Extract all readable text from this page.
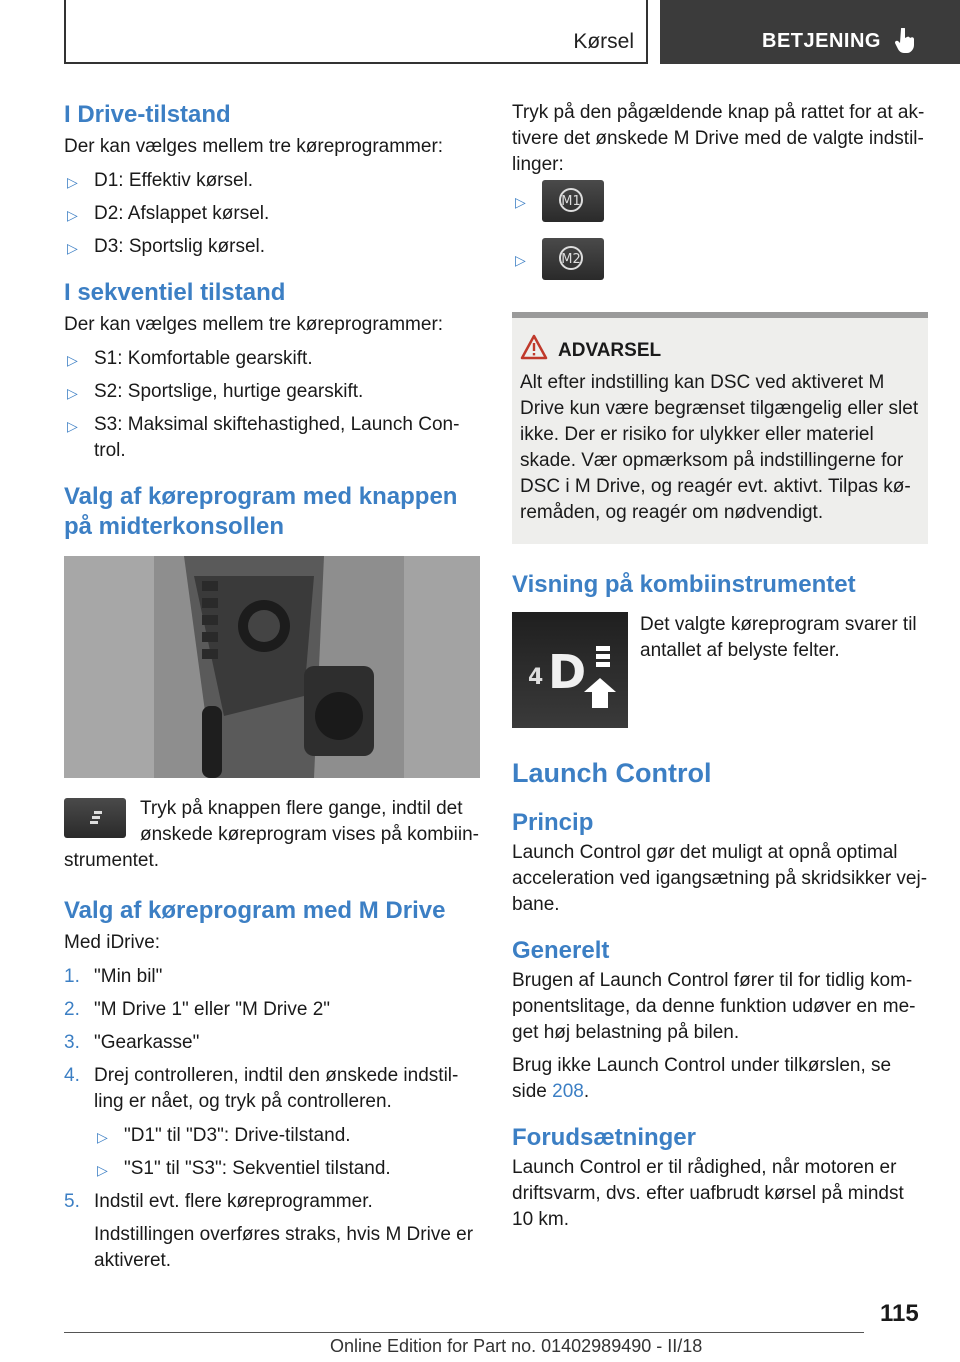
Kørsel	BETJENING
I Drive-tilstand

Der kan vælges mellem tre køreprogrammer:

▷ D1: Effektiv kørsel.
▷ D2: Afslappet kørsel.
▷ D3: Sportslig kørsel.
I sekventiel tilstand

Der kan vælges mellem tre køreprogrammer:

▷ S1: Komfortable gearskift.
▷ S2: Sportslige, hurtige gearskift.
▷ S3: Maksimal skiftehastighed, Launch Con-trol.
Valg af køreprogram med knappen på midterkonsollen

Tryk på knappen flere gange, indtil det ønskede køreprogram vises på kombiin-strumentet.

Valg af køreprogram med M Drive

Med iDrive:

1. "Min bil"
2. "M Drive 1" eller "M Drive 2"
3. "Gearkasse"
4. Drej controlleren, indtil den ønskede indstil-ling er nået, og tryk på controlleren.
▷ "D1" til "D3": Drive-tilstand.
▷ "S1" til "S3": Sekventiel tilstand.
5. Indstil evt. flere køreprogrammer.

Indstillingen overføres straks, hvis M Drive er aktiveret.

Tryk på den pågældende knap på rattet for at ak-tivere det ønskede M Drive med de valgte indstil-linger:

▷	M1
▷	M2
ADVARSEL

Alt efter indstilling kan DSC ved aktiveret M Drive kun være begrænset tilgængelig eller slet ikke. Der er risiko for ulykker eller materiel skade. Vær opmærksom på indstillingerne for DSC i M Drive, og reagér evt. aktivt. Tilpas kø-remåden, og reagér om nødvendigt.

Visning på kombiinstrumentet
4 D

Det valgte køreprogram svarer til antallet af belyste felter.

Launch Control
Princip

Launch Control gør det muligt at opnå optimal acceleration ved igangsætning på skridsikker vej-bane.

Generelt

Brugen af Launch Control fører til for tidlig kom-ponentslitage, da denne funktion udøver en me-get høj belastning på bilen.

Brug ikke Launch Control under tilkørslen, se side 208.

Forudsætninger

Launch Control er til rådighed, når motoren er driftsvarm, dvs. efter uafbrudt kørsel på mindst 10 km.

115
Online Edition for Part no. 01402989490 - II/18
